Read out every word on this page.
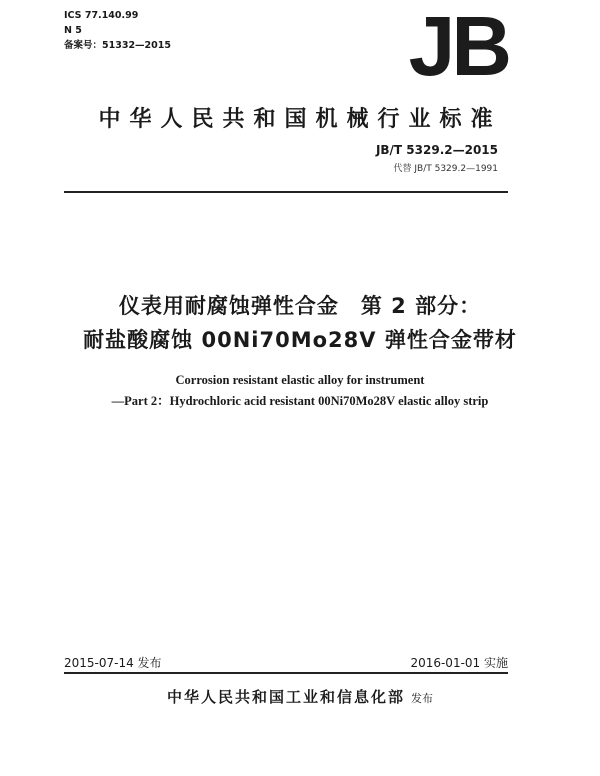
ICS 77.140.99
N 5
备案号：51332—2015	JB
中华人民共和国机械行业标准
JB/T 5329.2—2015
代替 JB/T 5329.2—1991
仪表用耐腐蚀弹性合金　第 2 部分：
耐盐酸腐蚀 00Ni70Mo28V 弹性合金带材
Corrosion resistant elastic alloy for instrument
—Part 2：Hydrochloric acid resistant 00Ni70Mo28V elastic alloy strip
2015-07-14 发布	2016-01-01 实施
中华人民共和国工业和信息化部 发布
